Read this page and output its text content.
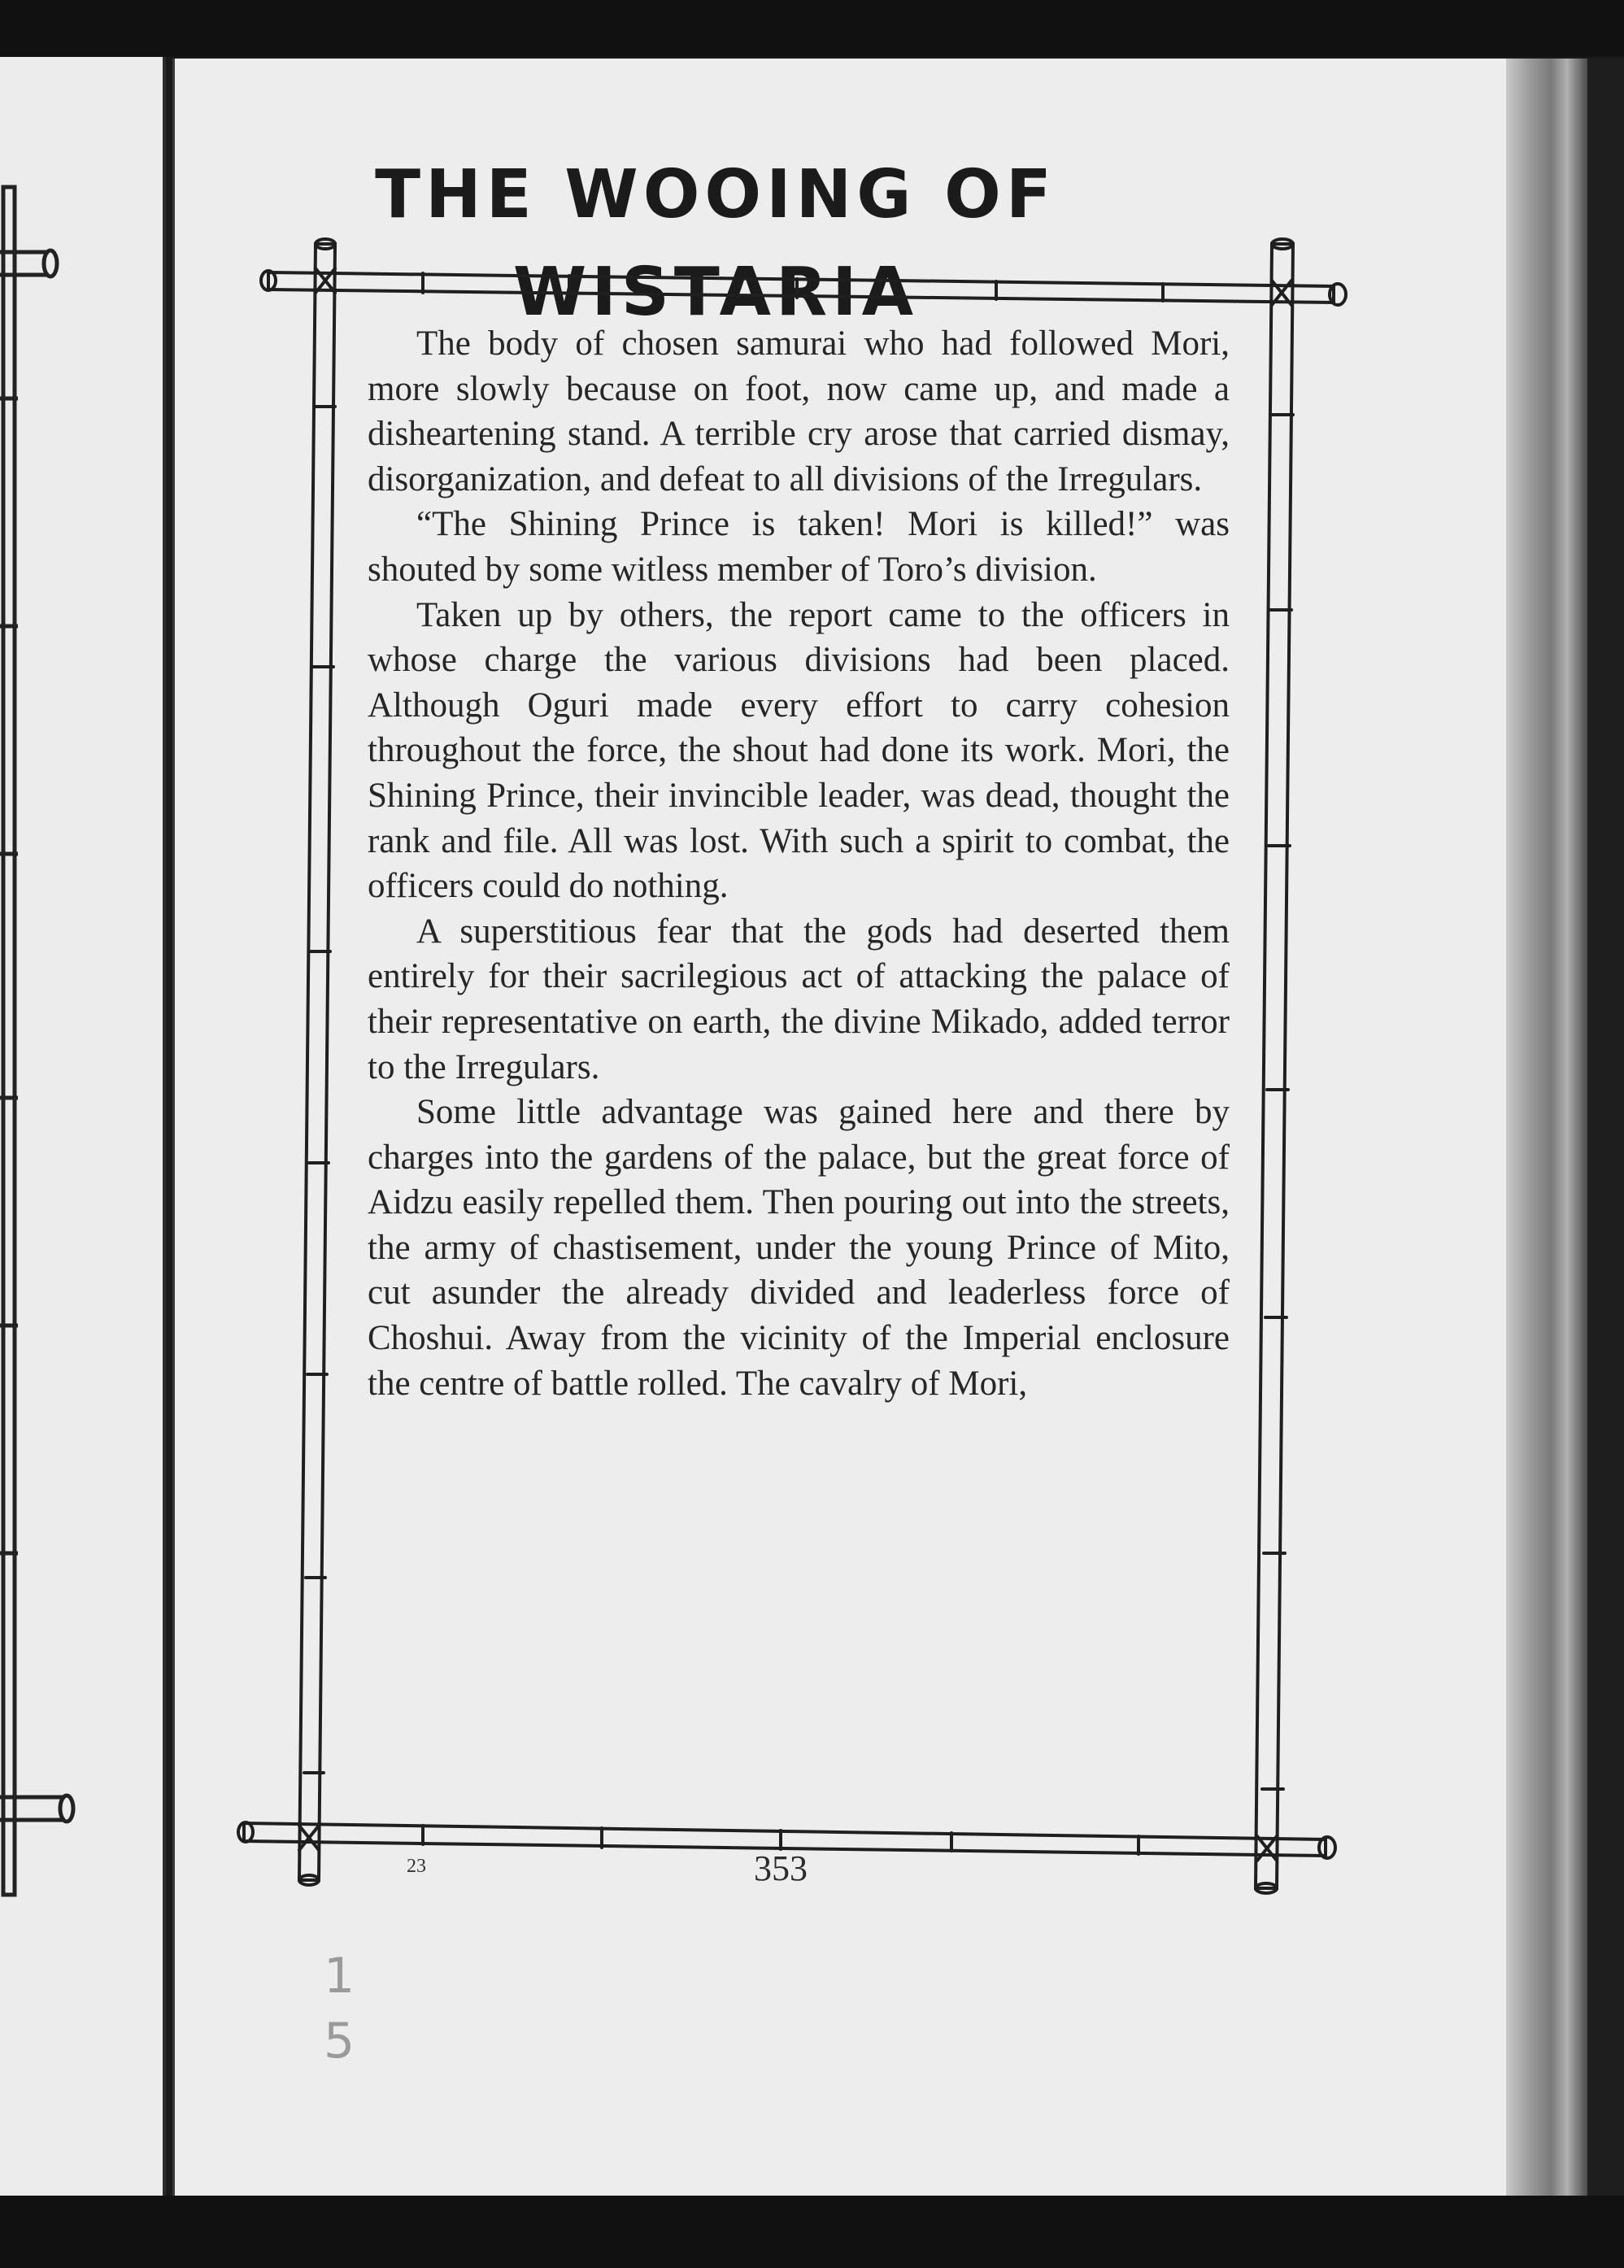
THE WOOING OF WISTARIA

The body of chosen samurai who had followed Mori, more slowly because on foot, now came up, and made a disheartening stand. A terrible cry arose that carried dismay, disorganization, and defeat to all divisions of the Irregulars.

“The Shining Prince is taken! Mori is killed!” was shouted by some witless member of Toro’s division.

Taken up by others, the report came to the officers in whose charge the various divisions had been placed. Although Oguri made every effort to carry cohesion throughout the force, the shout had done its work. Mori, the Shining Prince, their invincible leader, was dead, thought the rank and file. All was lost. With such a spirit to combat, the officers could do nothing.

A superstitious fear that the gods had deserted them entirely for their sacrilegious act of attacking the palace of their representative on earth, the divine Mikado, added terror to the Irregulars.

Some little advantage was gained here and there by charges into the gardens of the palace, but the great force of Aidzu easily repelled them. Then pouring out into the streets, the army of chastisement, under the young Prince of Mito, cut asunder the already divided and leaderless force of Choshui. Away from the vicinity of the Imperial enclosure the centre of battle rolled. The cavalry of Mori,

23	353
1
5
